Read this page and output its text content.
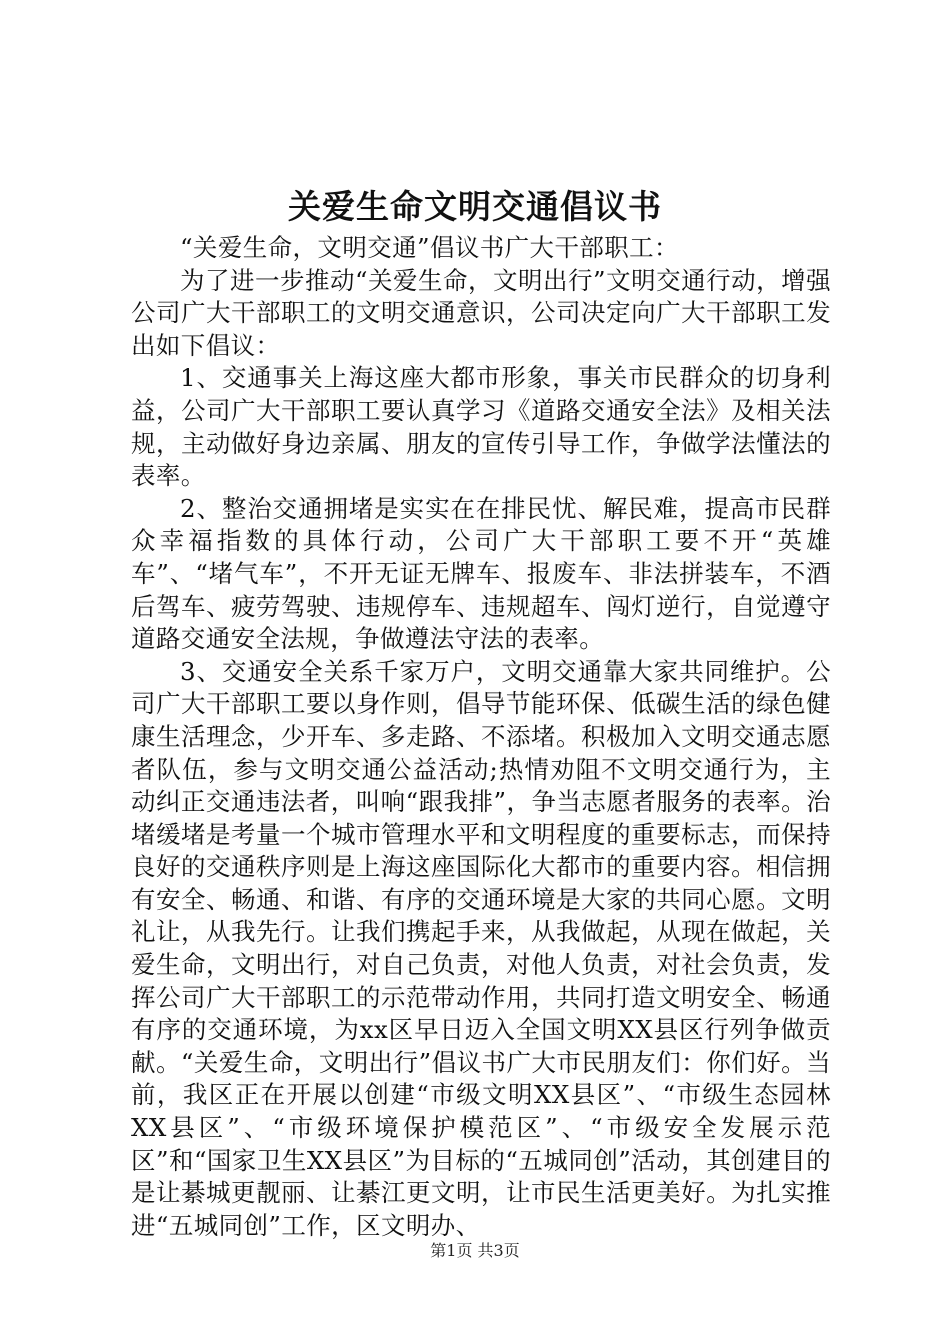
关爱生命文明交通倡议书

“关爱生命，文明交通”倡议书广大干部职工：

为了进一步推动“关爱生命，文明出行”文明交通行动，增强公司广大干部职工的文明交通意识，公司决定向广大干部职工发出如下倡议：

1、交通事关上海这座大都市形象，事关市民群众的切身利益，公司广大干部职工要认真学习《道路交通安全法》及相关法规，主动做好身边亲属、朋友的宣传引导工作，争做学法懂法的表率。

2、整治交通拥堵是实实在在排民忧、解民难，提高市民群众幸福指数的具体行动，公司广大干部职工要不开“英雄车”、“堵气车”，不开无证无牌车、报废车、非法拼装车，不酒后驾车、疲劳驾驶、违规停车、违规超车、闯灯逆行，自觉遵守道路交通安全法规，争做遵法守法的表率。

3、交通安全关系千家万户，文明交通靠大家共同维护。公司广大干部职工要以身作则，倡导节能环保、低碳生活的绿色健康生活理念，少开车、多走路、不添堵。积极加入文明交通志愿者队伍，参与文明交通公益活动;热情劝阻不文明交通行为，主动纠正交通违法者，叫响“跟我排”，争当志愿者服务的表率。治堵缓堵是考量一个城市管理水平和文明程度的重要标志，而保持良好的交通秩序则是上海这座国际化大都市的重要内容。相信拥有安全、畅通、和谐、有序的交通环境是大家的共同心愿。文明礼让，从我先行。让我们携起手来，从我做起，从现在做起，关爱生命，文明出行，对自己负责，对他人负责，对社会负责，发挥公司广大干部职工的示范带动作用，共同打造文明安全、畅通有序的交通环境，为xx区早日迈入全国文明XX县区行列争做贡献。“关爱生命，文明出行”倡议书广大市民朋友们：你们好。当前，我区正在开展以创建“市级文明XX县区”、“市级生态园林XX县区”、“市级环境保护模范区”、“市级安全发展示范区”和“国家卫生XX县区”为目标的“五城同创”活动，其创建目的是让綦城更靓丽、让綦江更文明，让市民生活更美好。为扎实推进“五城同创”工作，区文明办、

第1页 共3页
